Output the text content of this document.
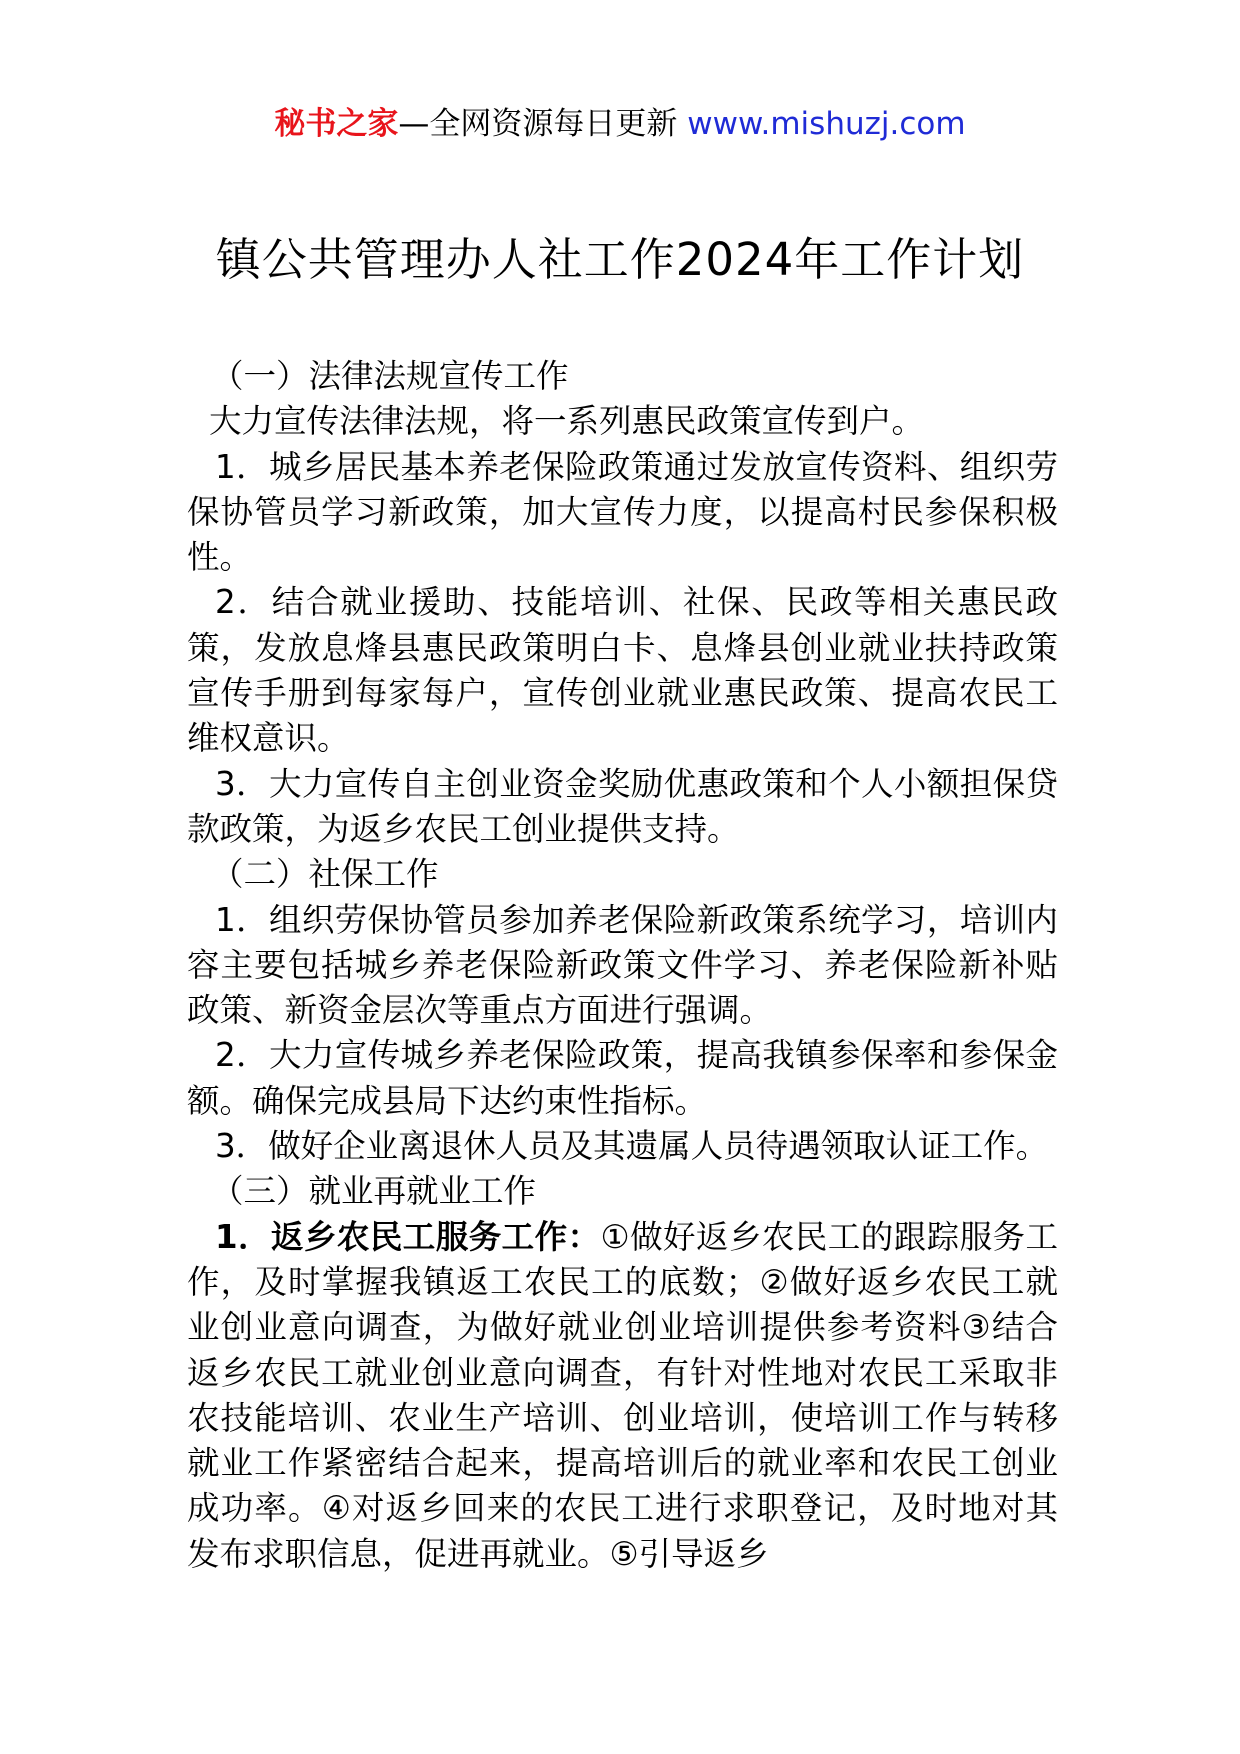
秘书之家—全网资源每日更新 www.mishuzj.com
镇公共管理办人社工作2024年工作计划

（一）法律法规宣传工作

大力宣传法律法规，将一系列惠民政策宣传到户。

1．城乡居民基本养老保险政策通过发放宣传资料、组织劳保协管员学习新政策，加大宣传力度，以提高村民参保积极性。

2．结合就业援助、技能培训、社保、民政等相关惠民政策，发放息烽县惠民政策明白卡、息烽县创业就业扶持政策宣传手册到每家每户，宣传创业就业惠民政策、提高农民工维权意识。

3．大力宣传自主创业资金奖励优惠政策和个人小额担保贷款政策，为返乡农民工创业提供支持。

（二）社保工作

1．组织劳保协管员参加养老保险新政策系统学习，培训内容主要包括城乡养老保险新政策文件学习、养老保险新补贴政策、新资金层次等重点方面进行强调。

2．大力宣传城乡养老保险政策，提高我镇参保率和参保金额。确保完成县局下达约束性指标。

3．做好企业离退休人员及其遗属人员待遇领取认证工作。

（三）就业再就业工作

1．返乡农民工服务工作：①做好返乡农民工的跟踪服务工作，及时掌握我镇返工农民工的底数；②做好返乡农民工就业创业意向调查，为做好就业创业培训提供参考资料③结合返乡农民工就业创业意向调查，有针对性地对农民工采取非农技能培训、农业生产培训、创业培训，使培训工作与转移就业工作紧密结合起来，提高培训后的就业率和农民工创业成功率。④对返乡回来的农民工进行求职登记，及时地对其发布求职信息，促进再就业。⑤引导返乡
